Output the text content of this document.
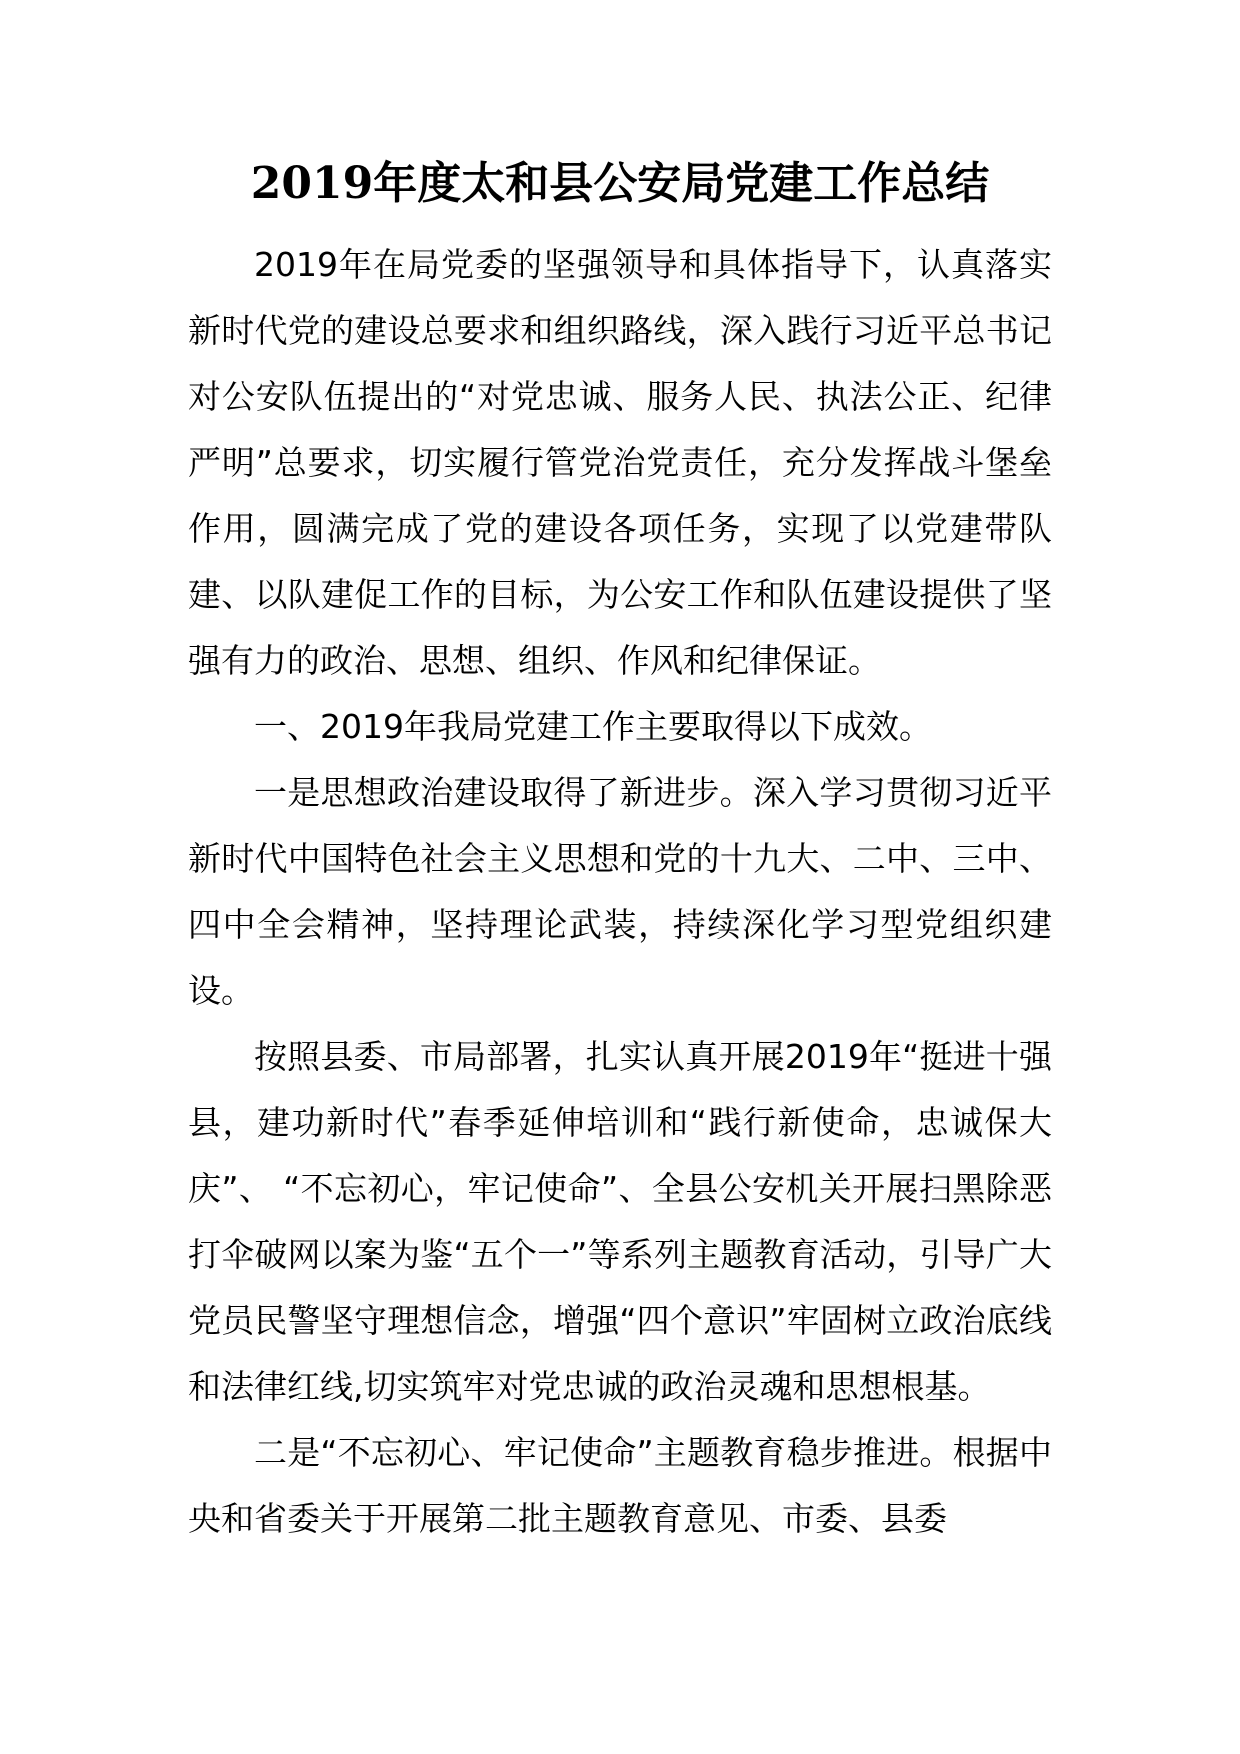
2019年度太和县公安局党建工作总结

2019年在局党委的坚强领导和具体指导下，认真落实新时代党的建设总要求和组织路线，深入践行习近平总书记对公安队伍提出的“对党忠诚、服务人民、执法公正、纪律严明”总要求，切实履行管党治党责任，充分发挥战斗堡垒作用，圆满完成了党的建设各项任务，实现了以党建带队建、以队建促工作的目标，为公安工作和队伍建设提供了坚强有力的政治、思想、组织、作风和纪律保证。

一、2019年我局党建工作主要取得以下成效。

一是思想政治建设取得了新进步。深入学习贯彻习近平新时代中国特色社会主义思想和党的十九大、二中、三中、四中全会精神，坚持理论武装，持续深化学习型党组织建设。

按照县委、市局部署，扎实认真开展2019年“挺进十强县，建功新时代”春季延伸培训和“践行新使命，忠诚保大庆”、 “不忘初心，牢记使命”、全县公安机关开展扫黑除恶打伞破网以案为鉴“五个一”等系列主题教育活动，引导广大党员民警坚守理想信念，增强“四个意识”牢固树立政治底线和法律红线,切实筑牢对党忠诚的政治灵魂和思想根基。

二是“不忘初心、牢记使命”主题教育稳步推进。根据中央和省委关于开展第二批主题教育意见、市委、县委
